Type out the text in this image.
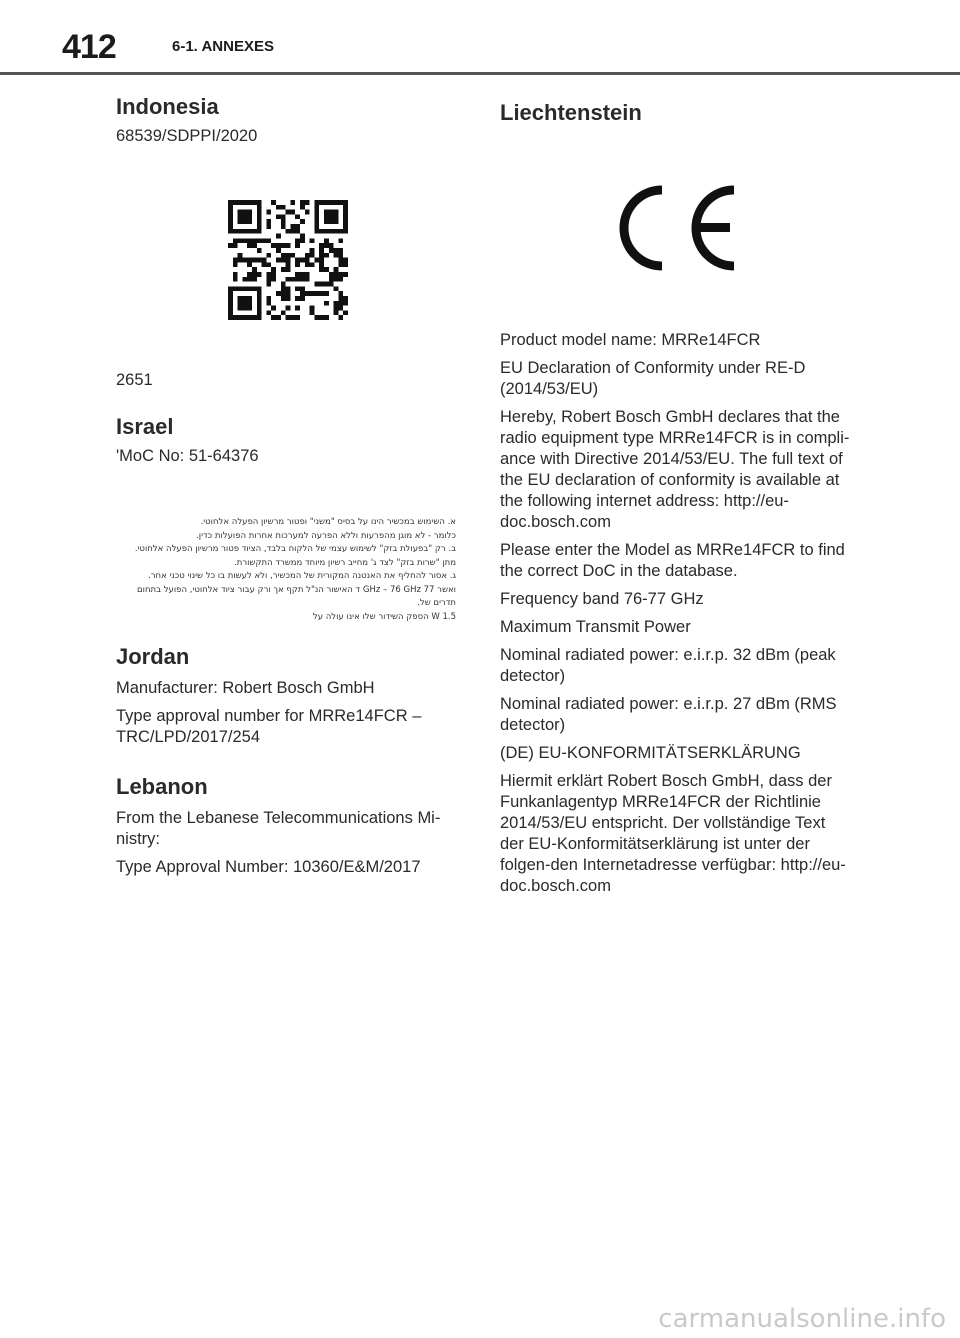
412	6-1. ANNEXES
Indonesia

68539/SDPPI/2020

2651

Israel

'MoC No: 51-64376

א. השימוש במכשיר הינו על בסיס "משני" ופטור מרשיון הפעלה אלחוטי.
כלומר - לא מוגן מהפרעות וללא הפרעה למערכות אחרות הפועלות כדין.
ב. רק "בפעולת בזק" לשימוש עצמי של הלקוח בלבד, הציוד פטור מרשיון הפעלה אלחוטי.
מתן "שרות בזק" לצד ג' מחייב רשיון מיוחד ממשרד התקשורת.
ג. אסור להחליף את האנטנה המקורית של המכשיר, ולא לעשות בו כל שינוי טכני אחר.
ואשר 77 GHz – 76 GHz ד האישור הנ"ל תקף אך ורק עבור ציוד אלחוטי, הפועל בתחום תדרים של.
W 1.5 הספק השידור שלו אינו עולה על
Jordan

Manufacturer: Robert Bosch GmbH

Type approval number for MRRe14FCR – TRC/LPD/2017/254

Lebanon

From the Lebanese Telecommunications Mi-nistry:

Type Approval Number: 10360/E&M/2017

Liechtenstein

Product model name: MRRe14FCR

EU Declaration of Conformity under RE-D (2014/53/EU)

Hereby, Robert Bosch GmbH declares that the radio equipment type MRRe14FCR is in compli-ance with Directive 2014/53/EU. The full text of the EU declaration of conformity is available at the following internet address: http://eu-doc.bosch.com

Please enter the Model as MRRe14FCR to find the correct DoC in the database.

Frequency band 76-77 GHz

Maximum Transmit Power

Nominal radiated power: e.i.r.p. 32 dBm (peak detector)

Nominal radiated power: e.i.r.p. 27 dBm (RMS detector)

(DE) EU-KONFORMITÄTSERKLÄRUNG

Hiermit erklärt Robert Bosch GmbH, dass der Funkanlagentyp MRRe14FCR der Richtlinie 2014/53/EU entspricht. Der vollständige Text der EU-Konformitätserklärung ist unter der folgen-den Internetadresse verfügbar: http://eu-doc.bosch.com

carmanualsonline.info
